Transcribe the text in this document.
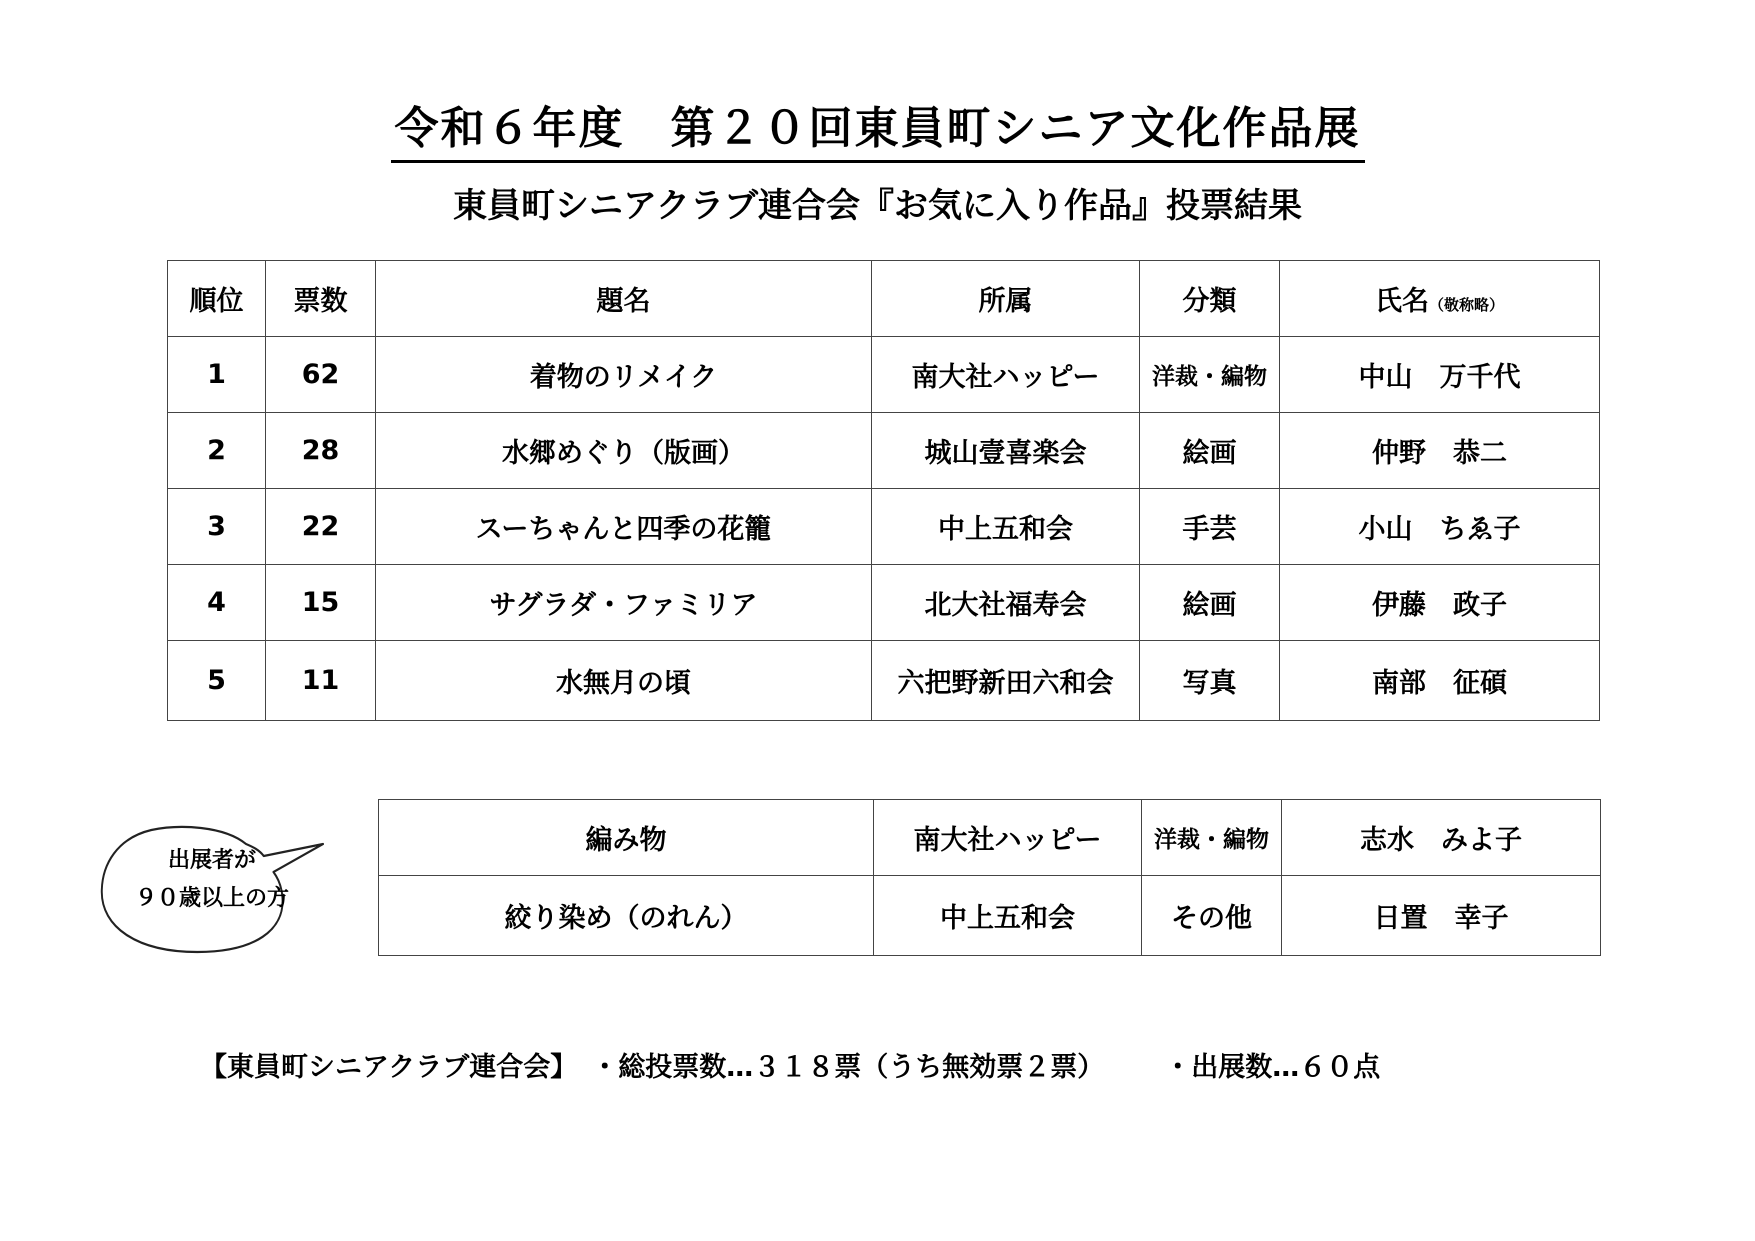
令和６年度　第２０回東員町シニア文化作品展
東員町シニアクラブ連合会『お気に入り作品』投票結果
順位	票数	題名	所属	分類	氏名（敬称略）
1	62	着物のリメイク	南大社ハッピー	洋裁・編物	中山　万千代
2	28	水郷めぐり（版画）	城山壹喜楽会	絵画	仲野　恭二
3	22	スーちゃんと四季の花籠	中上五和会	手芸	小山　ちゑ子
4	15	サグラダ・ファミリア	北大社福寿会	絵画	伊藤　政子
5	11	水無月の頃	六把野新田六和会	写真	南部　征碩
出展者が
９０歳以上の方
編み物	南大社ハッピー	洋裁・編物	志水　みよ子
絞り染め（のれん）	中上五和会	その他	日置　幸子
【東員町シニアクラブ連合会】 ・総投票数…３１８票（うち無効票２票） ・出展数…６０点
